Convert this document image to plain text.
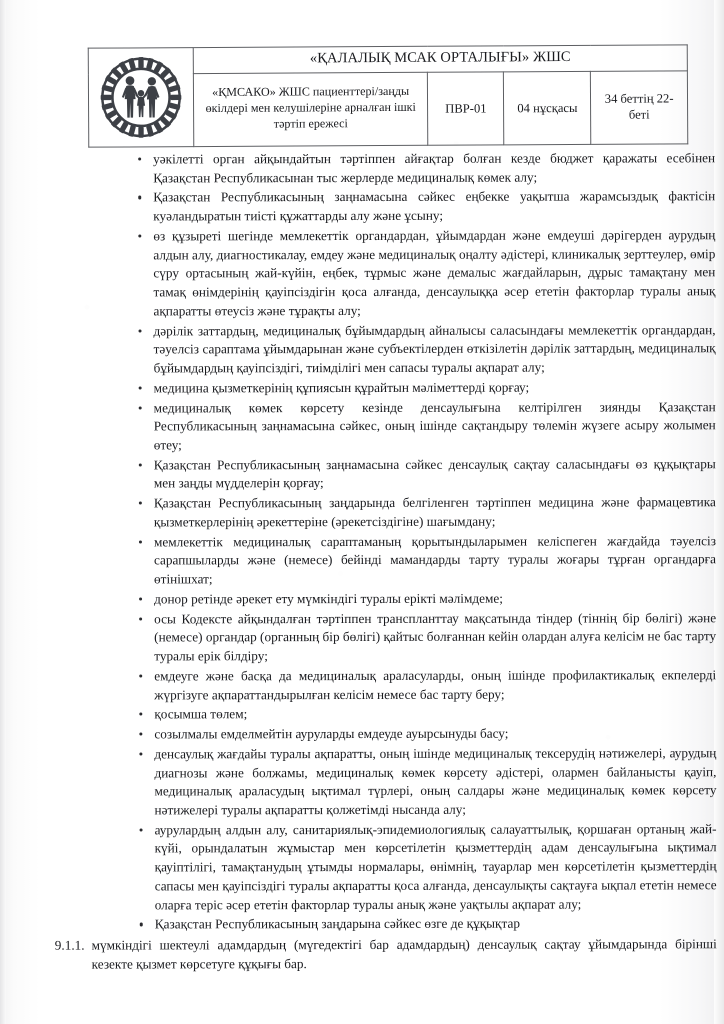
	«ҚАЛАЛЫҚ МСАК ОРТАЛЫҒЫ» ЖШС			
	«ҚМСАКО» ЖШС пациенттері/заңды өкілдері мен келушілеріне арналған ішкі тәртіп ережесі	ПВР-01	04 нұсқасы	34 беттің 22-беті
уәкілетті орган айқындайтын тәртіппен айғақтар болған кезде бюджет қаражаты есебінен Қазақстан Республикасынан тыс жерлерде медициналық көмек алу;
Қазақстан Республикасының заңнамасына сәйкес еңбекке уақытша жарамсыздық фактісін куәландыратын тиісті құжаттарды алу және ұсыну;
өз құзыреті шегінде мемлекеттік органдардан, ұйымдардан және емдеуші дәрігерден аурудың алдын алу, диагностикалау, емдеу және медициналық оңалту әдістері, клиникалық зерттеулер, өмір сүру ортасының жай-күйін, еңбек, тұрмыс және демалыс жағдайларын, дұрыс тамақтану мен тамақ өнімдерінің қауіпсіздігін қоса алғанда, денсаулыққа әсер ететін факторлар туралы анық ақпаратты өтеусіз және тұрақты алу;
дәрілік заттардың, медициналық бұйымдардың айналысы саласындағы мемлекеттік органдардан, тәуелсіз сараптама ұйымдарынан және субъектілерден өткізілетін дәрілік заттардың, медициналық бұйымдардың қауіпсіздігі, тиімділігі мен сапасы туралы ақпарат алу;
медицина қызметкерінің құпиясын құрайтын мәліметтерді қорғау;
медициналық көмек көрсету кезінде денсаулығына келтірілген зиянды Қазақстан Республикасының заңнамасына сәйкес, оның ішінде сақтандыру төлемін жүзеге асыру жолымен өтеу;
Қазақстан Республикасының заңнамасына сәйкес денсаулық сақтау саласындағы өз құқықтары мен заңды мүдделерін қорғау;
Қазақстан Республикасының заңдарында белгіленген тәртіппен медицина және фармацевтика қызметкерлерінің әрекеттеріне (әрекетсіздігіне) шағымдану;
мемлекеттік медициналық сараптаманың қорытындыларымен келіспеген жағдайда тәуелсіз сарапшыларды және (немесе) бейінді мамандарды тарту туралы жоғары тұрған органдарға өтінішхат;
донор ретінде әрекет ету мүмкіндігі туралы ерікті мәлімдеме;
осы Кодексте айқындалған тәртіппен транспланттау мақсатында тіндер (тіннің бір бөлігі) және (немесе) органдар (органның бір бөлігі) қайтыс болғаннан кейін олардан алуға келісім не бас тарту туралы ерік білдіру;
емдеуге және басқа да медициналық араласуларды, оның ішінде профилактикалық екпелерді жүргізуге ақпараттандырылған келісім немесе бас тарту беру;
қосымша төлем;
созылмалы емделмейтін ауруларды емдеуде ауырсынуды басу;
денсаулық жағдайы туралы ақпаратты, оның ішінде медициналық тексерудің нәтижелері, аурудың диагнозы және болжамы, медициналық көмек көрсету әдістері, олармен байланысты қауіп, медициналық араласудың ықтимал түрлері, оның салдары және медициналық көмек көрсету нәтижелері туралы ақпаратты қолжетімді нысанда алу;
аурулардың алдын алу, санитариялық-эпидемиологиялық салауаттылық, қоршаған ортаның жай-күйі, орындалатын жұмыстар мен көрсетілетін қызметтердің адам денсаулығына ықтимал қауіптілігі, тамақтанудың ұтымды нормалары, өнімнің, тауарлар мен көрсетілетін қызметтердің сапасы мен қауіпсіздігі туралы ақпаратты қоса алғанда, денсаулықты сақтауға ықпал ететін немесе оларға теріс әсер ететін факторлар туралы анық және уақтылы ақпарат алу;
Қазақстан Республикасының заңдарына сәйкес өзге де құқықтар
9.1.1. мүмкіндігі шектеулі адамдардың (мүгедектігі бар адамдардың) денсаулық сақтау ұйымдарында бірінші кезекте қызмет көрсетуге құқығы бар.
